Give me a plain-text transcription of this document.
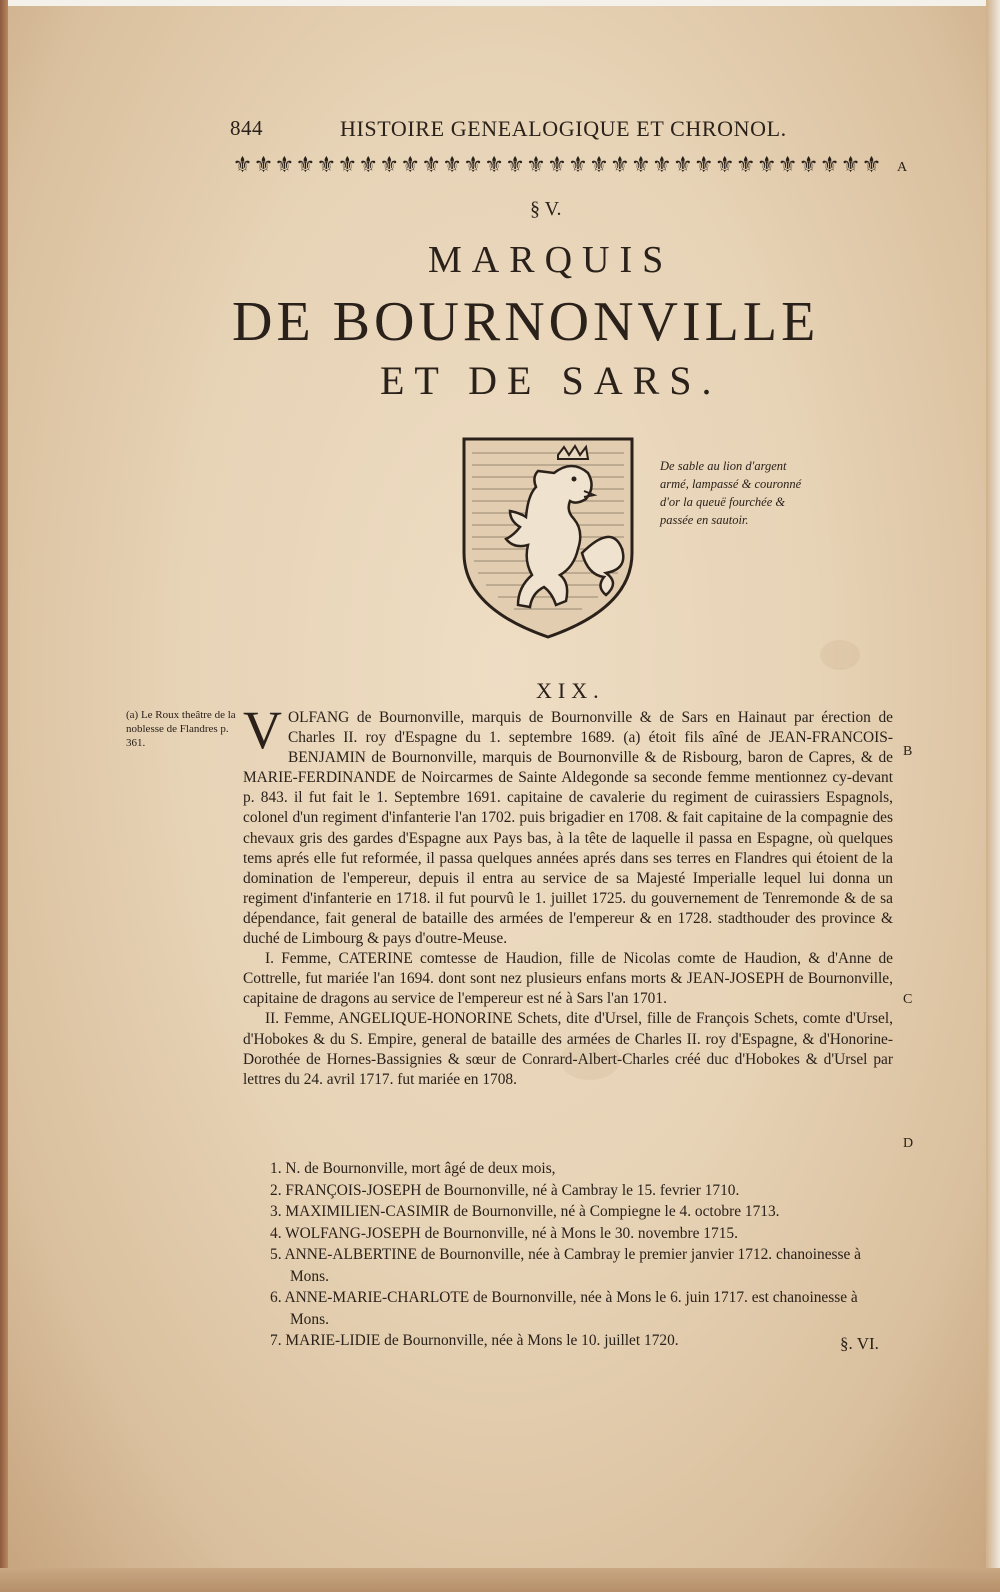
844	HISTOIRE GENEALOGIQUE ET CHRONOL.
⚜ ⚜ ⚜ ⚜ ⚜ ⚜ ⚜ ⚜ ⚜ ⚜ ⚜ ⚜ ⚜ ⚜ ⚜ ⚜ ⚜ ⚜ ⚜ ⚜ ⚜ ⚜ ⚜ ⚜ ⚜ ⚜ ⚜ ⚜ ⚜ ⚜ ⚜ A
§ V.
MARQUIS
DE BOURNONVILLE
ET DE SARS.
De sable au lion d'argent armé, lampassé & couronné d'or la queuë fourchée & passée en sautoir.
XIX.
(a) Le Roux theâtre de la noblesse de Flandres p. 361.	VOLFANG de Bournonville, marquis de Bournonville & de Sars en Hainaut par érection de Charles II. roy d'Espagne du 1. septembre 1689. (a) étoit fils aîné de JEAN-FRANCOIS-BENJAMIN de Bournonville, marquis de Bournonville & de Risbourg, baron de Capres, & de MARIE-FERDINANDE de Noircarmes de Sainte Aldegonde sa seconde femme mentionnez cy-devant p. 843. il fut fait le 1. Septembre 1691. capitaine de cavalerie du regiment de cuirassiers Espagnols, colonel d'un regiment d'infanterie l'an 1702. puis brigadier en 1708. & fait capitaine de la compagnie des chevaux gris des gardes d'Espagne aux Pays bas, à la tête de laquelle il passa en Espagne, où quelques tems aprés elle fut reformée, il passa quelques années aprés dans ses terres en Flandres qui étoient de la domination de l'empereur, depuis il entra au service de sa Majesté Imperialle lequel lui donna un regiment d'infanterie en 1718. il fut pourvû le 1. juillet 1725. du gouvernement de Tenremonde & de sa dépendance, fait general de bataille des armées de l'empereur & en 1728. stadthouder des province & duché de Limbourg & pays d'outre-Meuse.

I. Femme, CATERINE comtesse de Haudion, fille de Nicolas comte de Haudion, & d'Anne de Cottrelle, fut mariée l'an 1694. dont sont nez plusieurs enfans morts & JEAN-JOSEPH de Bournonville, capitaine de dragons au service de l'empereur est né à Sars l'an 1701.

II. Femme, ANGELIQUE-HONORINE Schets, dite d'Ursel, fille de François Schets, comte d'Ursel, d'Hobokes & du S. Empire, general de bataille des armées de Charles II. roy d'Espagne, & d'Honorine-Dorothée de Hornes-Bassignies & sœur de Conrard-Albert-Charles créé duc d'Hobokes & d'Ursel par lettres du 24. avril 1717. fut mariée en 1708.

B
C
D
1. N. de Bournonville, mort âgé de deux mois,
2. FRANÇOIS-JOSEPH de Bournonville, né à Cambray le 15. fevrier 1710.
3. MAXIMILIEN-CASIMIR de Bournonville, né à Compiegne le 4. octobre 1713.
4. WOLFANG-JOSEPH de Bournonville, né à Mons le 30. novembre 1715.
5. ANNE-ALBERTINE de Bournonville, née à Cambray le premier janvier 1712. chanoinesse à Mons.
6. ANNE-MARIE-CHARLOTE de Bournonville, née à Mons le 6. juin 1717. est chanoinesse à Mons.
7. MARIE-LIDIE de Bournonville, née à Mons le 10. juillet 1720.	§. VI.
